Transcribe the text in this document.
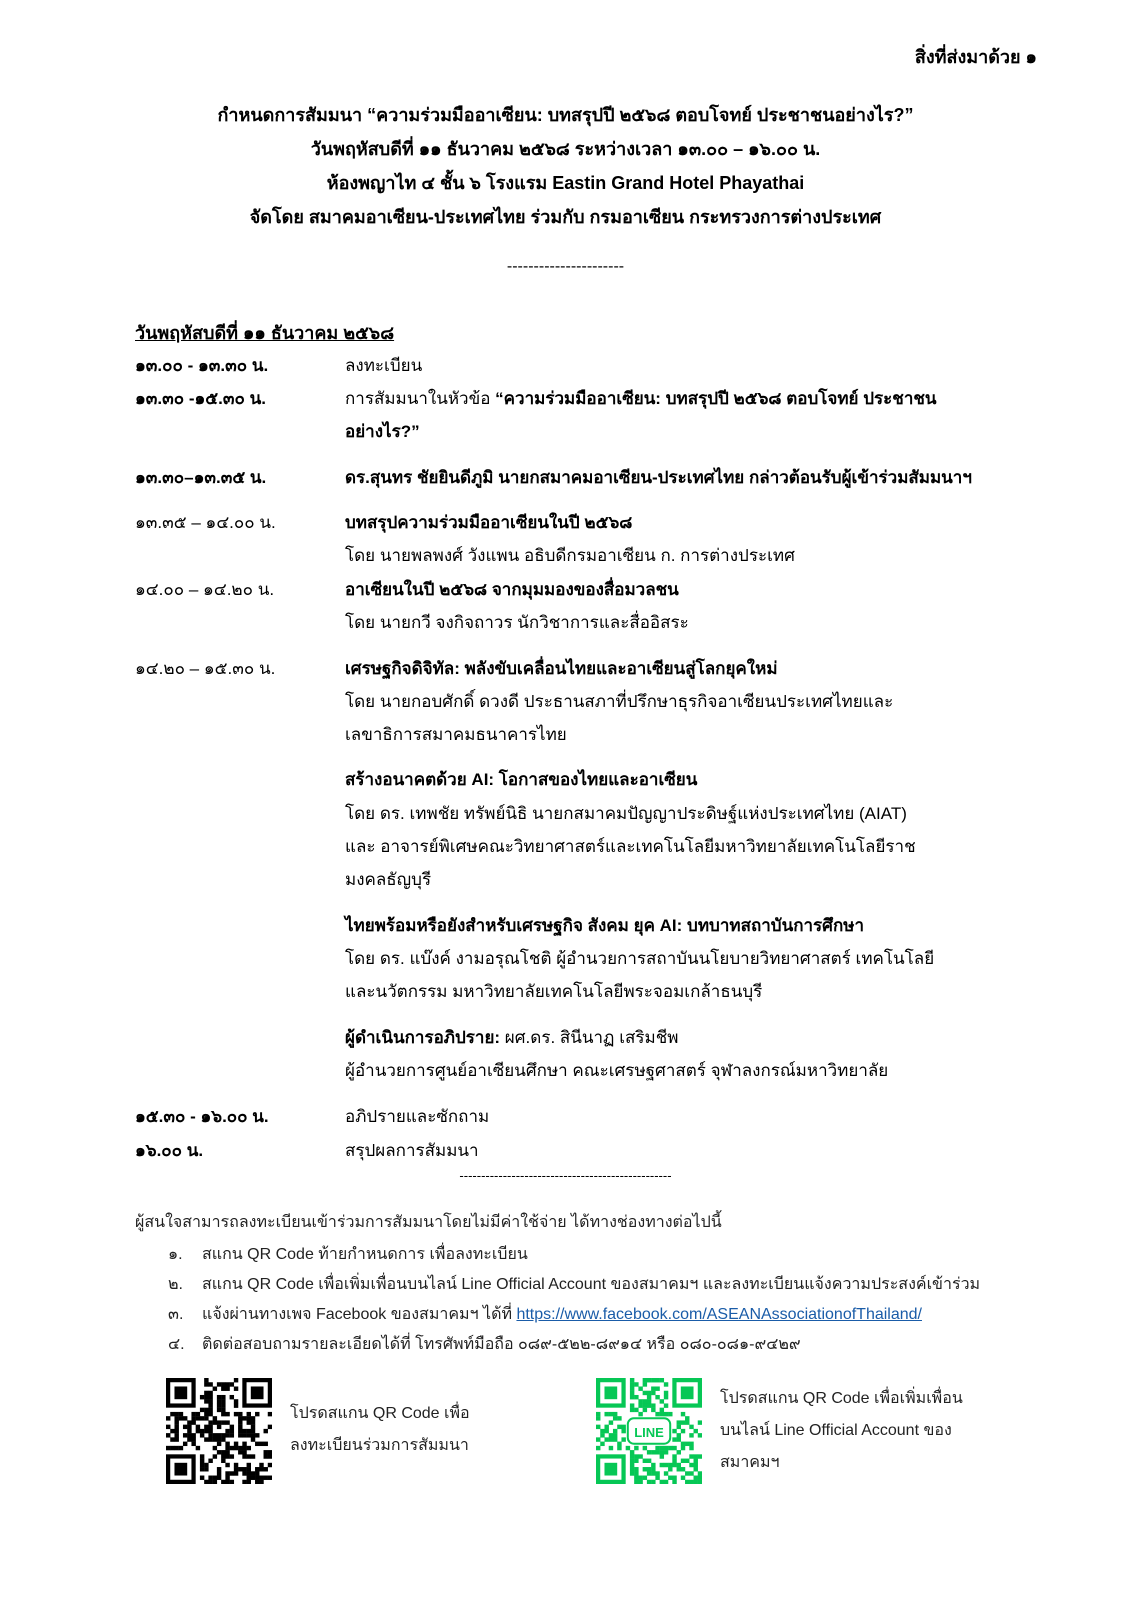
สิ่งที่ส่งมาด้วย ๑
กำหนดการสัมมนา “ความร่วมมืออาเซียน: บทสรุปปี ๒๕๖๘ ตอบโจทย์ ประชาชนอย่างไร?”
วันพฤหัสบดีที่ ๑๑ ธันวาคม ๒๕๖๘ ระหว่างเวลา ๑๓.๐๐ – ๑๖.๐๐ น.
ห้องพญาไท ๔ ชั้น ๖ โรงแรม Eastin Grand Hotel Phayathai
จัดโดย สมาคมอาเซียน-ประเทศไทย ร่วมกับ กรมอาเซียน กระทรวงการต่างประเทศ
----------------------
วันพฤหัสบดีที่ ๑๑ ธันวาคม ๒๕๖๘
๑๓.๐๐ - ๑๓.๓๐ น.	ลงทะเบียน
๑๓.๓๐ -๑๕.๓๐ น.	การสัมมนาในหัวข้อ “ความร่วมมืออาเซียน: บทสรุปปี ๒๕๖๘ ตอบโจทย์ ประชาชน
อย่างไร?”
๑๓.๓๐–๑๓.๓๕ น.	ดร.สุนทร ชัยยินดีภูมิ นายกสมาคมอาเซียน-ประเทศไทย กล่าวต้อนรับผู้เข้าร่วมสัมมนาฯ
๑๓.๓๕ – ๑๔.๐๐ น.	บทสรุปความร่วมมืออาเซียนในปี ๒๕๖๘
โดย นายพลพงศ์ วังแพน อธิบดีกรมอาเซียน ก. การต่างประเทศ
๑๔.๐๐ – ๑๔.๒๐ น.	อาเซียนในปี ๒๕๖๘ จากมุมมองของสื่อมวลชน
โดย นายกวี จงกิจถาวร นักวิชาการและสื่ออิสระ
๑๔.๒๐ – ๑๕.๓๐ น.	เศรษฐกิจดิจิทัล: พลังขับเคลื่อนไทยและอาเซียนสู่โลกยุคใหม่
โดย นายกอบศักดิ์ ดวงดี ประธานสภาที่ปรึกษาธุรกิจอาเซียนประเทศไทยและ
เลขาธิการสมาคมธนาคารไทย
สร้างอนาคตด้วย AI: โอกาสของไทยและอาเซียน
โดย ดร. เทพชัย ทรัพย์นิธิ นายกสมาคมปัญญาประดิษฐ์แห่งประเทศไทย (AIAT)
และ อาจารย์พิเศษคณะวิทยาศาสตร์และเทคโนโลยีมหาวิทยาลัยเทคโนโลยีราช
มงคลธัญบุรี
ไทยพร้อมหรือยังสำหรับเศรษฐกิจ สังคม ยุค AI: บทบาทสถาบันการศึกษา
โดย ดร. แบ๊งค์ งามอรุณโชติ ผู้อำนวยการสถาบันนโยบายวิทยาศาสตร์ เทคโนโลยี
และนวัตกรรม มหาวิทยาลัยเทคโนโลยีพระจอมเกล้าธนบุรี
ผู้ดำเนินการอภิปราย: ผศ.ดร. สินีนาฏ เสริมชีพ
ผู้อำนวยการศูนย์อาเซียนศึกษา คณะเศรษฐศาสตร์ จุฬาลงกรณ์มหาวิทยาลัย
๑๕.๓๐ - ๑๖.๐๐ น.	อภิปรายและซักถาม
๑๖.๐๐ น.	สรุปผลการสัมมนา
-------------------------------------------------
ผู้สนใจสามารถลงทะเบียนเข้าร่วมการสัมมนาโดยไม่มีค่าใช้จ่าย ได้ทางช่องทางต่อไปนี้
๑. สแกน QR Code ท้ายกำหนดการ เพื่อลงทะเบียน
๒. สแกน QR Code เพื่อเพิ่มเพื่อนบนไลน์ Line Official Account ของสมาคมฯ และลงทะเบียนแจ้งความประสงค์เข้าร่วม
๓. แจ้งผ่านทางเพจ Facebook ของสมาคมฯ ได้ที่ https://www.facebook.com/ASEANAssociationofThailand/
๔. ติดต่อสอบถามรายละเอียดได้ที่ โทรศัพท์มือถือ ๐๘๙-๕๒๒-๘๙๑๔ หรือ ๐๘๐-๐๘๑-๙๔๒๙
โปรดสแกน QR Code เพื่อ
ลงทะเบียนร่วมการสัมมนา
LINE
โปรดสแกน QR Code เพื่อเพิ่มเพื่อน
บนไลน์ Line Official Account ของ
สมาคมฯ
